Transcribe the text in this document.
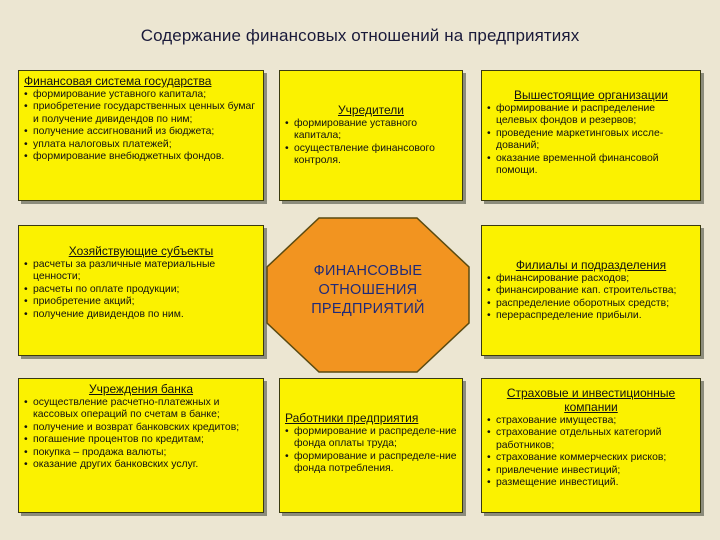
Содержание финансовых отношений на предприятиях
Финансовая система государства
• формирование уставного капитала;
• приобретение государственных ценных бумаг и получение дивидендов по ним;
• получение ассигнований из бюджета;
• уплата налоговых платежей;
• формирование внебюджетных фондов.
Учредители
• формирование уставного капитала;
• осуществление финансового контроля.
Вышестоящие организации
• формирование и распределение целевых фондов и резервов;
• проведение маркетинговых иссле-дований;
• оказание временной финансовой помощи.
Хозяйствующие субъекты
• расчеты за различные материальные ценности;
• расчеты по оплате продукции;
• приобретение акций;
• получение дивидендов по ним.
ФИНАНСОВЫЕ
ОТНОШЕНИЯ
ПРЕДПРИЯТИЙ
Филиалы и подразделения
• финансирование расходов;
• финансирование кап. строительства;
• распределение оборотных средств;
• перераспределение прибыли.
Учреждения банка
• осуществление расчетно-платежных и кассовых операций по счетам в банке;
• получение и возврат банковских кредитов;
• погашение процентов по кредитам;
• покупка – продажа валюты;
• оказание других банковских услуг.
Работники предприятия
• формирование и распределе-ние фонда оплаты труда;
• формирование и распределе-ние фонда потребления.
Страховые и инвестиционные компании
• страхование имущества;
• страхование отдельных категорий работников;
• страхование коммерческих рисков;
• привлечение инвестиций;
• размещение инвестиций.
